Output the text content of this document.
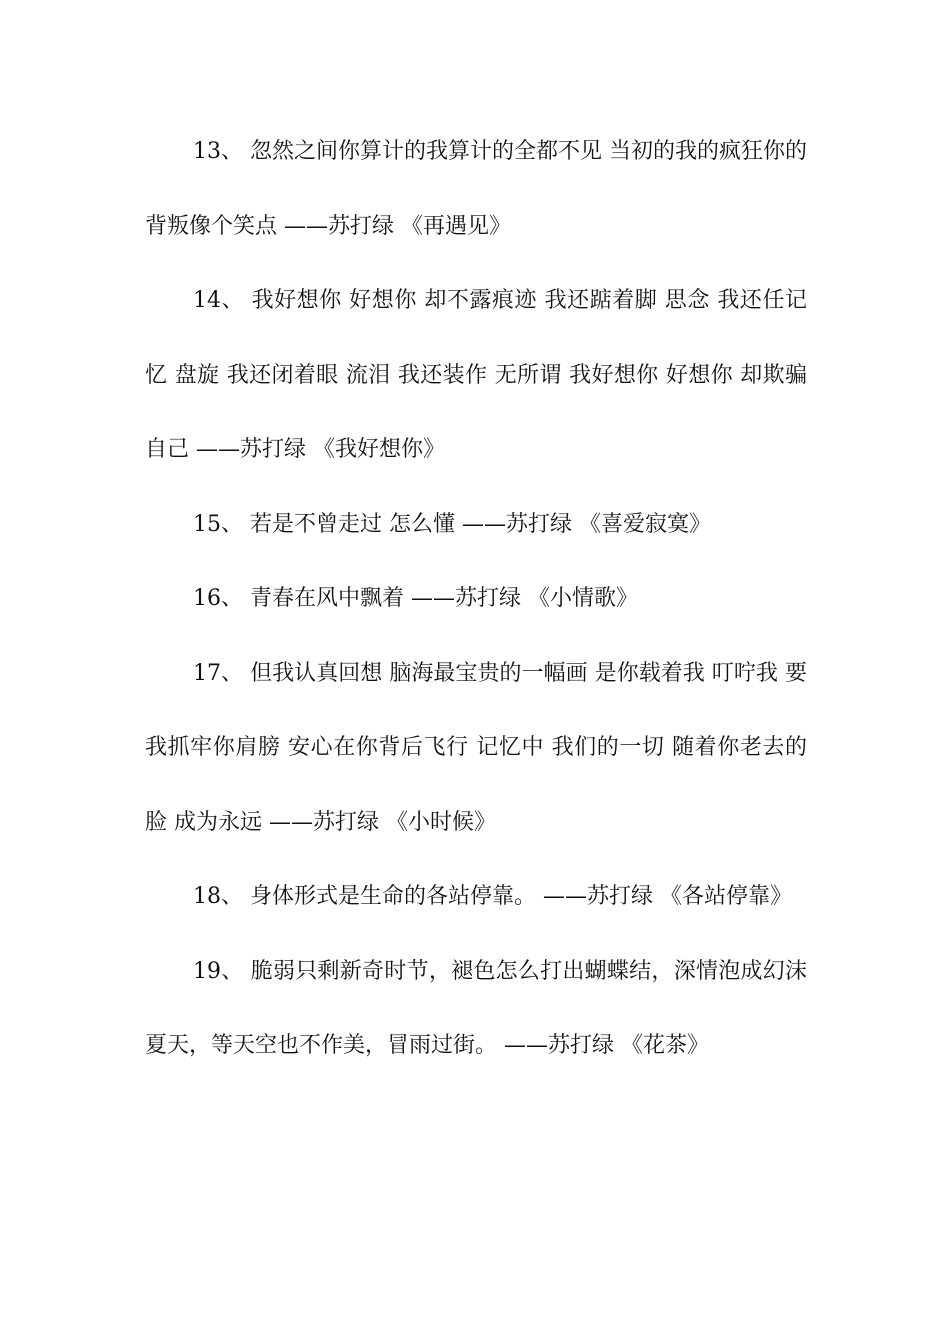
13、 忽然之间你算计的我算计的全都不见 当初的我的疯狂你的背叛像个笑点 ——苏打绿 《再遇见》

14、 我好想你 好想你 却不露痕迹 我还踮着脚 思念 我还任记忆 盘旋 我还闭着眼 流泪 我还装作 无所谓 我好想你 好想你 却欺骗自己 ——苏打绿 《我好想你》

15、 若是不曾走过 怎么懂 ——苏打绿 《喜爱寂寞》

16、 青春在风中飘着 ——苏打绿 《小情歌》

17、 但我认真回想 脑海最宝贵的一幅画 是你载着我 叮咛我 要我抓牢你肩膀 安心在你背后飞行 记忆中 我们的一切 随着你老去的脸 成为永远 ——苏打绿 《小时候》

18、 身体形式是生命的各站停靠。 ——苏打绿 《各站停靠》

19、 脆弱只剩新奇时节，褪色怎么打出蝴蝶结，深情泡成幻沫夏天，等天空也不作美，冒雨过街。 ——苏打绿 《花茶》
